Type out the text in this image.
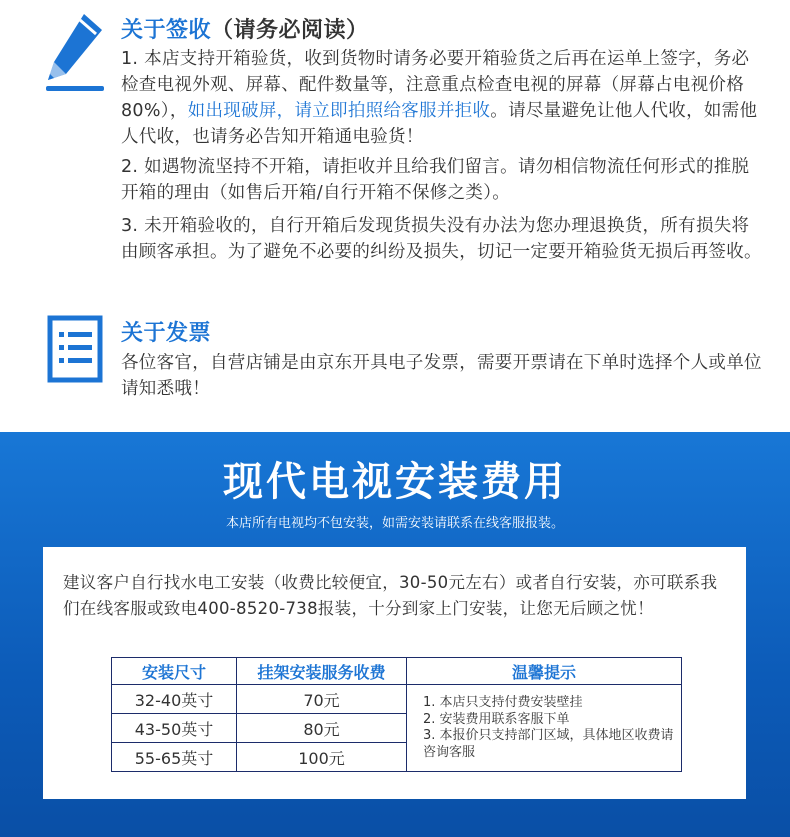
关于签收（请务必阅读）
1. 本店支持开箱验货，收到货物时请务必要开箱验货之后再在运单上签字，务必检查电视外观、屏幕、配件数量等，注意重点检查电视的屏幕（屏幕占电视价格80%），如出现破屏，请立即拍照给客服并拒收。请尽量避免让他人代收，如需他人代收，也请务必告知开箱通电验货！
2. 如遇物流坚持不开箱，请拒收并且给我们留言。请勿相信物流任何形式的推脱开箱的理由（如售后开箱/自行开箱不保修之类）。
3. 未开箱验收的，自行开箱后发现货损失没有办法为您办理退换货，所有损失将由顾客承担。为了避免不必要的纠纷及损失，切记一定要开箱验货无损后再签收。
关于发票
各位客官，自营店铺是由京东开具电子发票，需要开票请在下单时选择个人或单位 请知悉哦！
现代电视安装费用
本店所有电视均不包安装，如需安装请联系在线客服报装。
建议客户自行找水电工安装（收费比较便宜，30-50元左右）或者自行安装，亦可联系我们在线客服或致电400-8520-738报装，十分到家上门安装，让您无后顾之忧！
安装尺寸	挂架安装服务收费	温馨提示
32-40英寸	70元	1. 本店只支持付费安装壁挂
2. 安装费用联系客服下单
3. 本报价只支持部门区域，具体地区收费请咨询客服

43-50英寸	80元	
55-65英寸	100元	
